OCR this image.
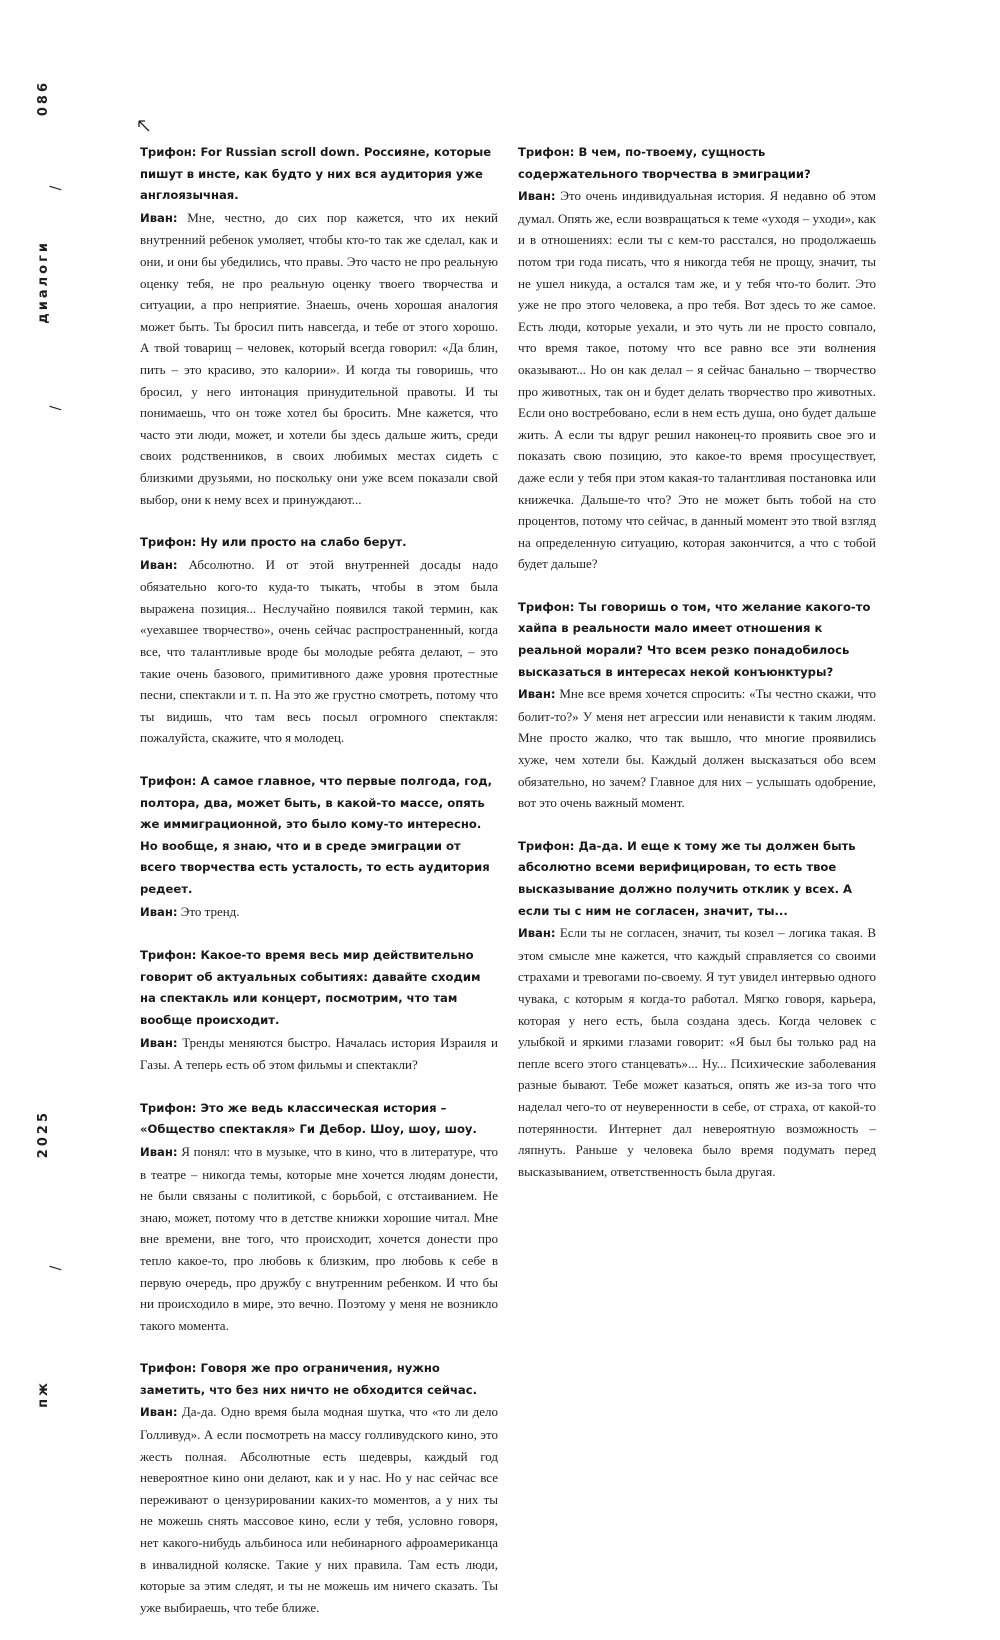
086
/
диалоги
/
2025
/
пж
Трифон: For Russian scroll down. Россияне, которые пишут в инсте, как будто у них вся аудитория уже англоязычная.

Иван: Мне, честно, до сих пор кажется, что их некий внутренний ребенок умоляет, чтобы кто-то так же сделал, как и они, и они бы убедились, что правы. Это часто не про реальную оценку тебя, не про реальную оценку твоего творчества и ситуации, а про неприятие. Знаешь, очень хорошая аналогия может быть. Ты бросил пить навсегда, и тебе от этого хорошо. А твой товарищ – человек, который всегда говорил: «Да блин, пить – это красиво, это калории». И когда ты говоришь, что бросил, у него интонация принудительной правоты. И ты понимаешь, что он тоже хотел бы бросить. Мне кажется, что часто эти люди, может, и хотели бы здесь дальше жить, среди своих родственников, в своих любимых местах сидеть с близкими друзьями, но поскольку они уже всем показали свой выбор, они к нему всех и принуждают...

Трифон: Ну или просто на слабо берут.

Иван: Абсолютно. И от этой внутренней досады надо обязательно кого-то куда-то тыкать, чтобы в этом была выражена позиция... Неслучайно появился такой термин, как «уехавшее творчество», очень сейчас распространенный, когда все, что талантливые вроде бы молодые ребята делают, – это такие очень базового, примитивного даже уровня протестные песни, спектакли и т. п. На это же грустно смотреть, потому что ты видишь, что там весь посыл огромного спектакля: пожалуйста, скажите, что я молодец.

Трифон: А самое главное, что первые полгода, год, полтора, два, может быть, в какой-то массе, опять же иммиграционной, это было кому-то интересно. Но вообще, я знаю, что и в среде эмиграции от всего творчества есть усталость, то есть аудитория редеет.

Иван: Это тренд.

Трифон: Какое-то время весь мир действительно говорит об актуальных событиях: давайте сходим на спектакль или концерт, посмотрим, что там вообще происходит.

Иван: Тренды меняются быстро. Началась история Израиля и Газы. А теперь есть об этом фильмы и спектакли?

Трифон: Это же ведь классическая история – «Общество спектакля» Ги Дебор. Шоу, шоу, шоу.

Иван: Я понял: что в музыке, что в кино, что в литературе, что в театре – никогда темы, которые мне хочется людям донести, не были связаны с политикой, с борьбой, с отстаиванием. Не знаю, может, потому что в детстве книжки хорошие читал. Мне вне времени, вне того, что происходит, хочется донести про тепло какое-то, про любовь к близким, про любовь к себе в первую очередь, про дружбу с внутренним ребенком. И что бы ни происходило в мире, это вечно. Поэтому у меня не возникло такого момента.

Трифон: Говоря же про ограничения, нужно заметить, что без них ничто не обходится сейчас.

Иван: Да-да. Одно время была модная шутка, что «то ли дело Голливуд». А если посмотреть на массу голливудского кино, это жесть полная. Абсолютные есть шедевры, каждый год невероятное кино они делают, как и у нас. Но у нас сейчас все переживают о цензурировании каких-то моментов, а у них ты не можешь снять массовое кино, если у тебя, условно говоря, нет какого-нибудь альбиноса или небинарного афроамериканца в инвалидной коляске. Такие у них правила. Там есть люди, которые за этим следят, и ты не можешь им ничего сказать. Ты уже выбираешь, что тебе ближе.

Трифон: В чем, по-твоему, сущность содержательного творчества в эмиграции?

Иван: Это очень индивидуальная история. Я недавно об этом думал. Опять же, если возвращаться к теме «уходя – уходи», как и в отношениях: если ты с кем-то расстался, но продолжаешь потом три года писать, что я никогда тебя не прощу, значит, ты не ушел никуда, а остался там же, и у тебя что-то болит. Это уже не про этого человека, а про тебя. Вот здесь то же самое. Есть люди, которые уехали, и это чуть ли не просто совпало, что время такое, потому что все равно все эти волнения оказывают... Но он как делал – я сейчас банально – творчество про животных, так он и будет делать творчество про животных. Если оно востребовано, если в нем есть душа, оно будет дальше жить. А если ты вдруг решил наконец-то проявить свое эго и показать свою позицию, это какое-то время просуществует, даже если у тебя при этом какая-то талантливая постановка или книжечка. Дальше-то что? Это не может быть тобой на сто процентов, потому что сейчас, в данный момент это твой взгляд на определенную ситуацию, которая закончится, а что с тобой будет дальше?

Трифон: Ты говоришь о том, что желание какого-то хайпа в реальности мало имеет отношения к реальной морали? Что всем резко понадобилось высказаться в интересах некой конъюнктуры?

Иван: Мне все время хочется спросить: «Ты честно скажи, что болит-то?» У меня нет агрессии или ненависти к таким людям. Мне просто жалко, что так вышло, что многие проявились хуже, чем хотели бы. Каждый должен высказаться обо всем обязательно, но зачем? Главное для них – услышать одобрение, вот это очень важный момент.

Трифон: Да-да. И еще к тому же ты должен быть абсолютно всеми верифицирован, то есть твое высказывание должно получить отклик у всех. А если ты с ним не согласен, значит, ты...

Иван: Если ты не согласен, значит, ты козел – логика такая. В этом смысле мне кажется, что каждый справляется со своими страхами и тревогами по-своему. Я тут увидел интервью одного чувака, с которым я когда-то работал. Мягко говоря, карьера, которая у него есть, была создана здесь. Когда человек с улыбкой и яркими глазами говорит: «Я был бы только рад на пепле всего этого станцевать»... Ну... Психические заболевания разные бывают. Тебе может казаться, опять же из-за того что наделал чего-то от неуверенности в себе, от страха, от какой-то потерянности. Интернет дал невероятную возможность – ляпнуть. Раньше у человека было время подумать перед высказыванием, ответственность была другая.
